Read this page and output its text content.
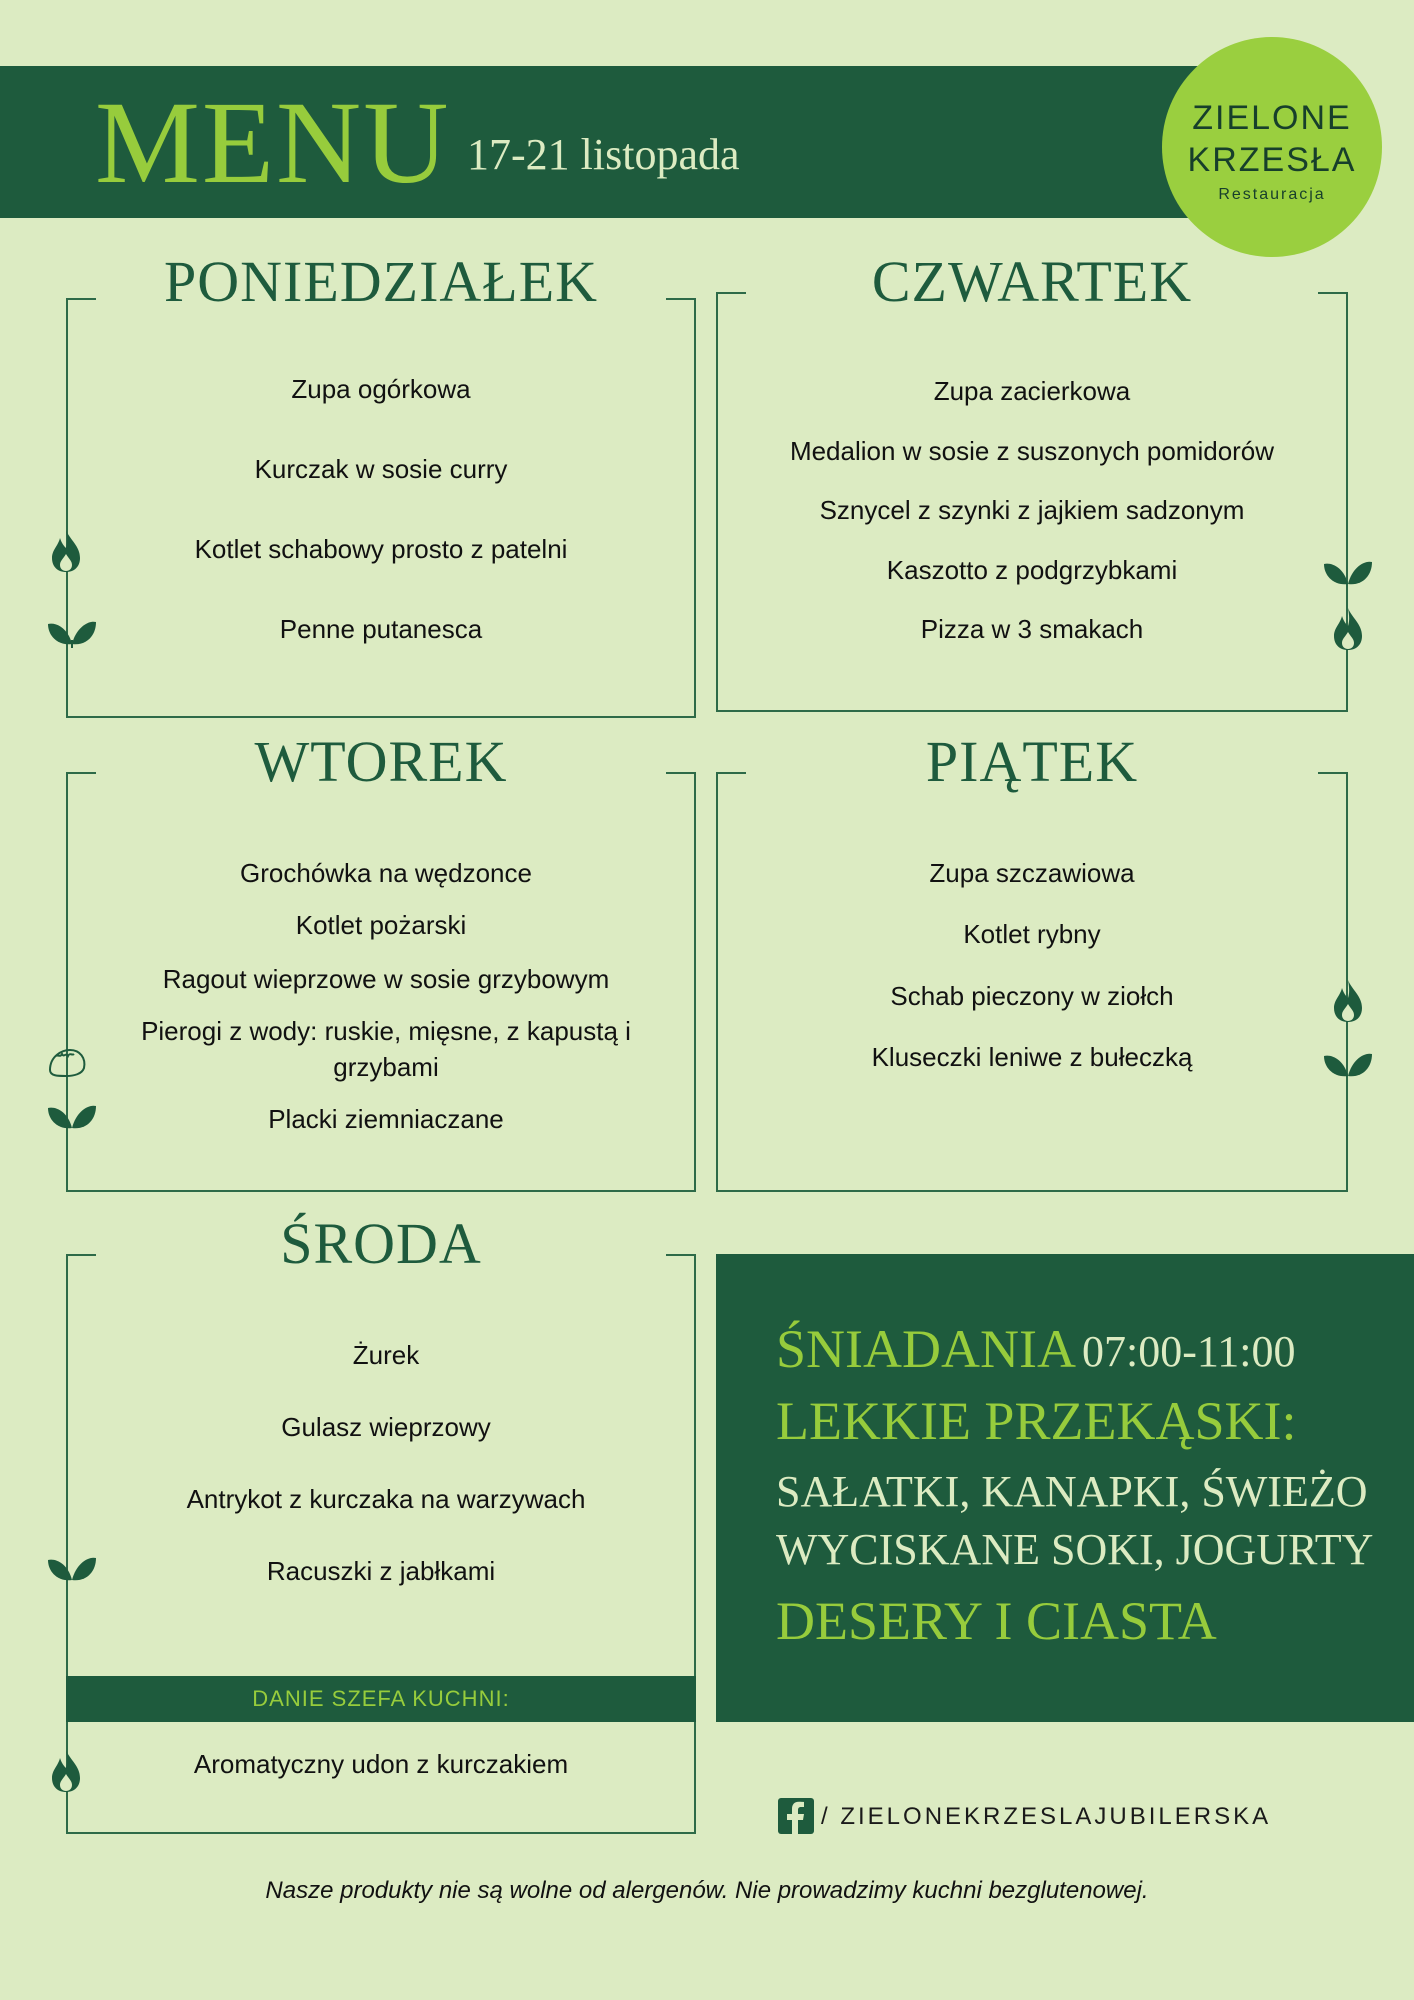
MENU 17-21 listopada
ZIELONE
KRZESŁA
Restauracja
PONIEDZIAŁEK
Zupa ogórkowa
Kurczak w sosie curry
Kotlet schabowy prosto z patelni
Penne putanesca
CZWARTEK
Zupa zacierkowa
Medalion w sosie z suszonych pomidorów
Sznycel z szynki z jajkiem sadzonym
Kaszotto z podgrzybkami
Pizza w 3 smakach
WTOREK
Grochówka na wędzonce
Kotlet pożarski
Ragout wieprzowe w sosie grzybowym
Pierogi z wody: ruskie, mięsne, z kapustą i
grzybami
Placki ziemniaczane
PIĄTEK
Zupa szczawiowa
Kotlet rybny
Schab pieczony w ziołch
Kluseczki leniwe z bułeczką
ŚRODA
Żurek
Gulasz wieprzowy
Antrykot z kurczaka na warzywach
Racuszki z jabłkami
Aromatyczny udon z kurczakiem
DANIE SZEFA KUCHNI:
ŚNIADANIA 07:00-11:00
LEKKIE PRZEKĄSKI:
SAŁATKI, KANAPKI, ŚWIEŻO
WYCISKANE SOKI, JOGURTY
DESERY I CIASTA
/ ZIELONEKRZESLAJUBILERSKA
Nasze produkty nie są wolne od alergenów. Nie prowadzimy kuchni bezglutenowej.
